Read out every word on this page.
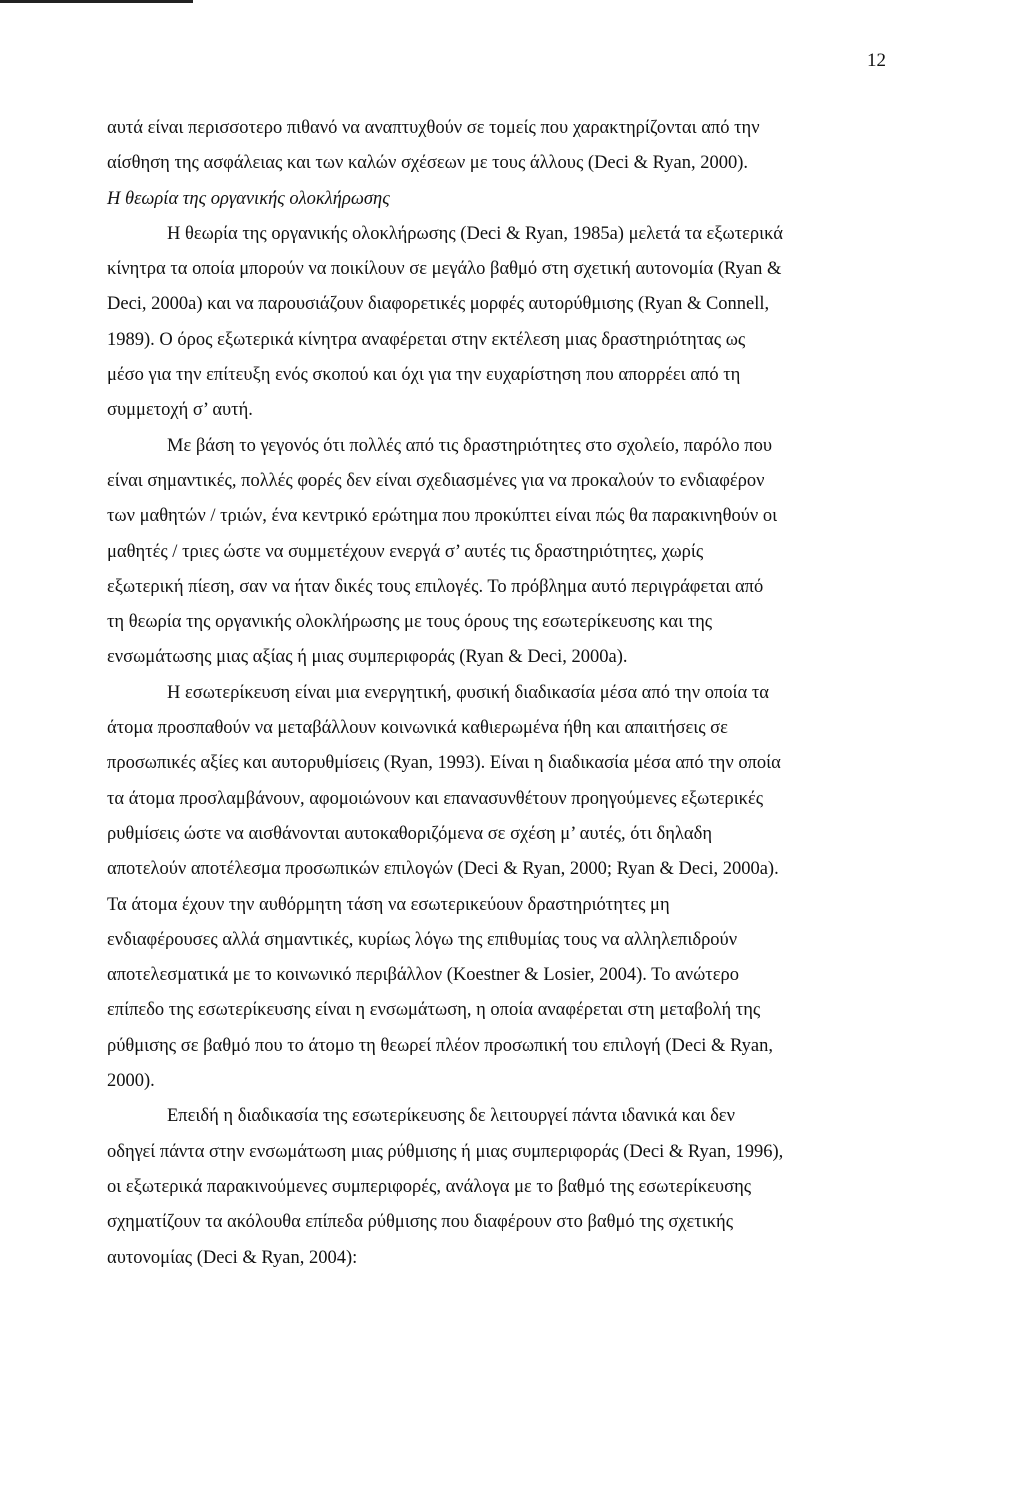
12
αυτά είναι περισσοτερο πιθανό να αναπτυχθούν σε τομείς που χαρακτηρίζονται από την
αίσθηση της ασφάλειας και των καλών σχέσεων με τους άλλους (Deci & Ryan, 2000).
Η θεωρία της οργανικής ολοκλήρωσης
Η θεωρία της οργανικής ολοκλήρωσης (Deci & Ryan, 1985a) μελετά τα εξωτερικά
κίνητρα τα οποία μπορούν να ποικίλουν σε μεγάλο βαθμό στη σχετική αυτονομία (Ryan &
Deci, 2000a) και να παρουσιάζουν διαφορετικές μορφές αυτορύθμισης (Ryan & Connell,
1989). Ο όρος εξωτερικά κίνητρα αναφέρεται στην εκτέλεση μιας δραστηριότητας ως
μέσο για την επίτευξη ενός σκοπού και όχι για την ευχαρίστηση που απορρέει από τη
συμμετοχή σ’ αυτή.
Με βάση το γεγονός ότι πολλές από τις δραστηριότητες στο σχολείο, παρόλο που
είναι σημαντικές, πολλές φορές δεν είναι σχεδιασμένες για να προκαλούν το ενδιαφέρον
των μαθητών / τριών, ένα κεντρικό ερώτημα που προκύπτει είναι πώς θα παρακινηθούν οι
μαθητές / τριες ώστε να συμμετέχουν ενεργά σ’ αυτές τις δραστηριότητες, χωρίς
εξωτερική πίεση, σαν να ήταν δικές τους επιλογές. Το πρόβλημα αυτό περιγράφεται από
τη θεωρία της οργανικής ολοκλήρωσης με τους όρους της εσωτερίκευσης και της
ενσωμάτωσης μιας αξίας ή μιας συμπεριφοράς (Ryan & Deci, 2000a).
Η εσωτερίκευση είναι μια ενεργητική, φυσική διαδικασία μέσα από την οποία τα
άτομα προσπαθούν να μεταβάλλουν κοινωνικά καθιερωμένα ήθη και απαιτήσεις σε
προσωπικές αξίες και αυτορυθμίσεις (Ryan, 1993). Είναι η διαδικασία μέσα από την οποία
τα άτομα προσλαμβάνουν, αφομοιώνουν και επανασυνθέτουν προηγούμενες εξωτερικές
ρυθμίσεις ώστε να αισθάνονται αυτοκαθοριζόμενα σε σχέση μ’ αυτές, ότι δηλαδη
αποτελούν αποτέλεσμα προσωπικών επιλογών (Deci & Ryan, 2000; Ryan & Deci, 2000a).
Τα άτομα έχουν την αυθόρμητη τάση να εσωτερικεύουν δραστηριότητες μη
ενδιαφέρουσες αλλά σημαντικές, κυρίως λόγω της επιθυμίας τους να αλληλεπιδρούν
αποτελεσματικά με το κοινωνικό περιβάλλον (Koestner & Losier, 2004). Το ανώτερο
επίπεδο της εσωτερίκευσης είναι η ενσωμάτωση, η οποία αναφέρεται στη μεταβολή της
ρύθμισης σε βαθμό που το άτομο τη θεωρεί πλέον προσωπική του επιλογή (Deci & Ryan,
2000).
Επειδή η διαδικασία της εσωτερίκευσης δε λειτουργεί πάντα ιδανικά και δεν
οδηγεί πάντα στην ενσωμάτωση μιας ρύθμισης ή μιας συμπεριφοράς (Deci & Ryan, 1996),
οι εξωτερικά παρακινούμενες συμπεριφορές, ανάλογα με το βαθμό της εσωτερίκευσης
σχηματίζουν τα ακόλουθα επίπεδα ρύθμισης που διαφέρουν στο βαθμό της σχετικής
αυτονομίας (Deci & Ryan, 2004):
